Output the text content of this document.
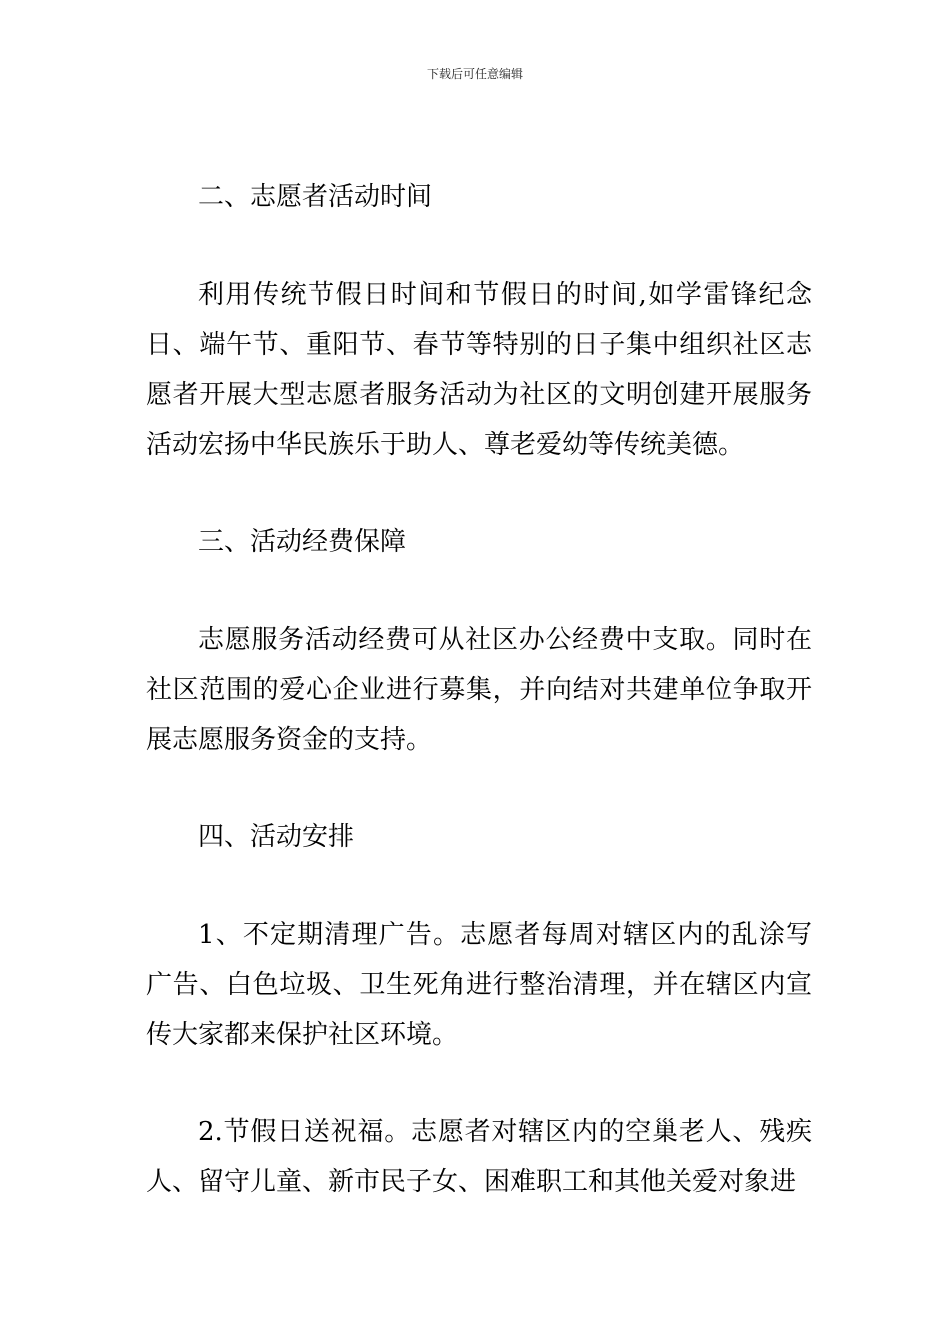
下载后可任意编辑

二、志愿者活动时间

利用传统节假日时间和节假日的时间,如学雷锋纪念日、端午节、重阳节、春节等特别的日子集中组织社区志愿者开展大型志愿者服务活动为社区的文明创建开展服务活动宏扬中华民族乐于助人、尊老爱幼等传统美德。

三、活动经费保障

志愿服务活动经费可从社区办公经费中支取。同时在社区范围的爱心企业进行募集，并向结对共建单位争取开展志愿服务资金的支持。

四、活动安排

1、不定期清理广告。志愿者每周对辖区内的乱涂写广告、白色垃圾、卫生死角进行整治清理，并在辖区内宣传大家都来保护社区环境。

2.节假日送祝福。志愿者对辖区内的空巢老人、残疾人、留守儿童、新市民子女、困难职工和其他关爱对象进
